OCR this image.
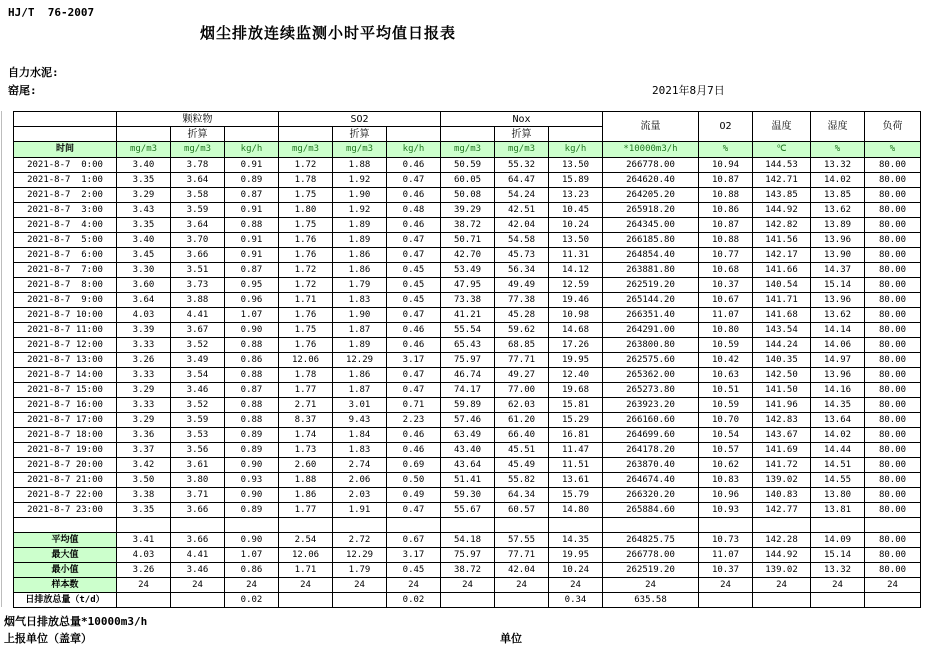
HJ/T  76-2007
烟尘排放连续监测小时平均值日报表
自力水泥:
窑尾:	2021年8月7日
	颗粒物			SO2			Nox			流量	O2	温度	湿度	负荷
		折算			折算			折算						
时间	mg/m3	mg/m3	kg/h	mg/m3	mg/m3	kg/h	mg/m3	mg/m3	kg/h	*10000m3/h	%	℃	%	%
2021-8-7  0:00	3.40	3.78	0.91	1.72	1.88	0.46	50.59	55.32	13.50	266778.00	10.94	144.53	13.32	80.00
2021-8-7  1:00	3.35	3.64	0.89	1.78	1.92	0.47	60.05	64.47	15.89	264620.40	10.87	142.71	14.02	80.00
2021-8-7  2:00	3.29	3.58	0.87	1.75	1.90	0.46	50.08	54.24	13.23	264205.20	10.88	143.85	13.85	80.00
2021-8-7  3:00	3.43	3.59	0.91	1.80	1.92	0.48	39.29	42.51	10.45	265918.20	10.86	144.92	13.62	80.00
2021-8-7  4:00	3.35	3.64	0.88	1.75	1.89	0.46	38.72	42.04	10.24	264345.00	10.87	142.82	13.89	80.00
2021-8-7  5:00	3.40	3.70	0.91	1.76	1.89	0.47	50.71	54.58	13.50	266185.80	10.88	141.56	13.96	80.00
2021-8-7  6:00	3.45	3.66	0.91	1.76	1.86	0.47	42.70	45.73	11.31	264854.40	10.77	142.17	13.90	80.00
2021-8-7  7:00	3.30	3.51	0.87	1.72	1.86	0.45	53.49	56.34	14.12	263881.80	10.68	141.66	14.37	80.00
2021-8-7  8:00	3.60	3.73	0.95	1.72	1.79	0.45	47.95	49.49	12.59	262519.20	10.37	140.54	15.14	80.00
2021-8-7  9:00	3.64	3.88	0.96	1.71	1.83	0.45	73.38	77.38	19.46	265144.20	10.67	141.71	13.96	80.00
2021-8-7 10:00	4.03	4.41	1.07	1.76	1.90	0.47	41.21	45.28	10.98	266351.40	11.07	141.68	13.62	80.00
2021-8-7 11:00	3.39	3.67	0.90	1.75	1.87	0.46	55.54	59.62	14.68	264291.00	10.80	143.54	14.14	80.00
2021-8-7 12:00	3.33	3.52	0.88	1.76	1.89	0.46	65.43	68.85	17.26	263800.80	10.59	144.24	14.06	80.00
2021-8-7 13:00	3.26	3.49	0.86	12.06	12.29	3.17	75.97	77.71	19.95	262575.60	10.42	140.35	14.97	80.00
2021-8-7 14:00	3.33	3.54	0.88	1.78	1.86	0.47	46.74	49.27	12.40	265362.00	10.63	142.50	13.96	80.00
2021-8-7 15:00	3.29	3.46	0.87	1.77	1.87	0.47	74.17	77.00	19.68	265273.80	10.51	141.50	14.16	80.00
2021-8-7 16:00	3.33	3.52	0.88	2.71	3.01	0.71	59.89	62.03	15.81	263923.20	10.59	141.96	14.35	80.00
2021-8-7 17:00	3.29	3.59	0.88	8.37	9.43	2.23	57.46	61.20	15.29	266160.60	10.70	142.83	13.64	80.00
2021-8-7 18:00	3.36	3.53	0.89	1.74	1.84	0.46	63.49	66.40	16.81	264699.60	10.54	143.67	14.02	80.00
2021-8-7 19:00	3.37	3.56	0.89	1.73	1.83	0.46	43.40	45.51	11.47	264178.20	10.57	141.69	14.44	80.00
2021-8-7 20:00	3.42	3.61	0.90	2.60	2.74	0.69	43.64	45.49	11.51	263870.40	10.62	141.72	14.51	80.00
2021-8-7 21:00	3.50	3.80	0.93	1.88	2.06	0.50	51.41	55.82	13.61	264674.40	10.83	139.02	14.55	80.00
2021-8-7 22:00	3.38	3.71	0.90	1.86	2.03	0.49	59.30	64.34	15.79	266320.20	10.96	140.83	13.80	80.00
2021-8-7 23:00	3.35	3.66	0.89	1.77	1.91	0.47	55.67	60.57	14.80	265884.60	10.93	142.77	13.81	80.00

平均值	3.41	3.66	0.90	2.54	2.72	0.67	54.18	57.55	14.35	264825.75	10.73	142.28	14.09	80.00
最大值	4.03	4.41	1.07	12.06	12.29	3.17	75.97	77.71	19.95	266778.00	11.07	144.92	15.14	80.00
最小值	3.26	3.46	0.86	1.71	1.79	0.45	38.72	42.04	10.24	262519.20	10.37	139.02	13.32	80.00
样本数	24	24	24	24	24	24	24	24	24	24	24	24	24	24
日排放总量（t/d）			0.02			0.02			0.34	635.58				
烟气日排放总量*10000m3/h
上报单位（盖章）	单位
